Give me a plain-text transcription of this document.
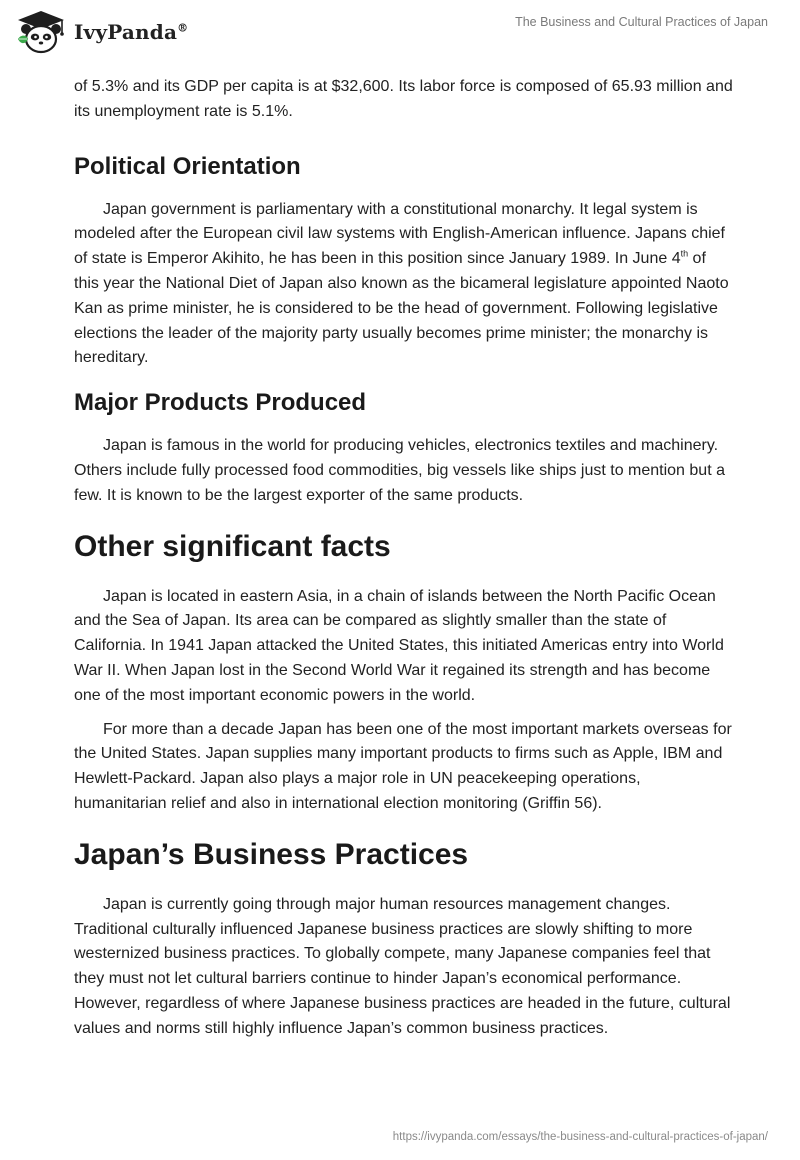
IvyPanda®	The Business and Cultural Practices of Japan

of 5.3% and its GDP per capita is at $32,600. Its labor force is composed of 65.93 million and its unemployment rate is 5.1%.

Political Orientation

Japan government is parliamentary with a constitutional monarchy. It legal system is modeled after the European civil law systems with English-American influence. Japans chief of state is Emperor Akihito, he has been in this position since January 1989. In June 4th of this year the National Diet of Japan also known as the bicameral legislature appointed Naoto Kan as prime minister, he is considered to be the head of government. Following legislative elections the leader of the majority party usually becomes prime minister; the monarchy is hereditary.

Major Products Produced

Japan is famous in the world for producing vehicles, electronics textiles and machinery. Others include fully processed food commodities, big vessels like ships just to mention but a few. It is known to be the largest exporter of the same products.

Other significant facts

Japan is located in eastern Asia, in a chain of islands between the North Pacific Ocean and the Sea of Japan. Its area can be compared as slightly smaller than the state of California. In 1941 Japan attacked the United States, this initiated Americas entry into World War II. When Japan lost in the Second World War it regained its strength and has become one of the most important economic powers in the world.

For more than a decade Japan has been one of the most important markets overseas for the United States. Japan supplies many important products to firms such as Apple, IBM and Hewlett-Packard. Japan also plays a major role in UN peacekeeping operations, humanitarian relief and also in international election monitoring (Griffin 56).

Japan’s Business Practices

Japan is currently going through major human resources management changes. Traditional culturally influenced Japanese business practices are slowly shifting to more westernized business practices. To globally compete, many Japanese companies feel that they must not let cultural barriers continue to hinder Japan’s economical performance. However, regardless of where Japanese business practices are headed in the future, cultural values and norms still highly influence Japan’s common business practices.

https://ivypanda.com/essays/the-business-and-cultural-practices-of-japan/
